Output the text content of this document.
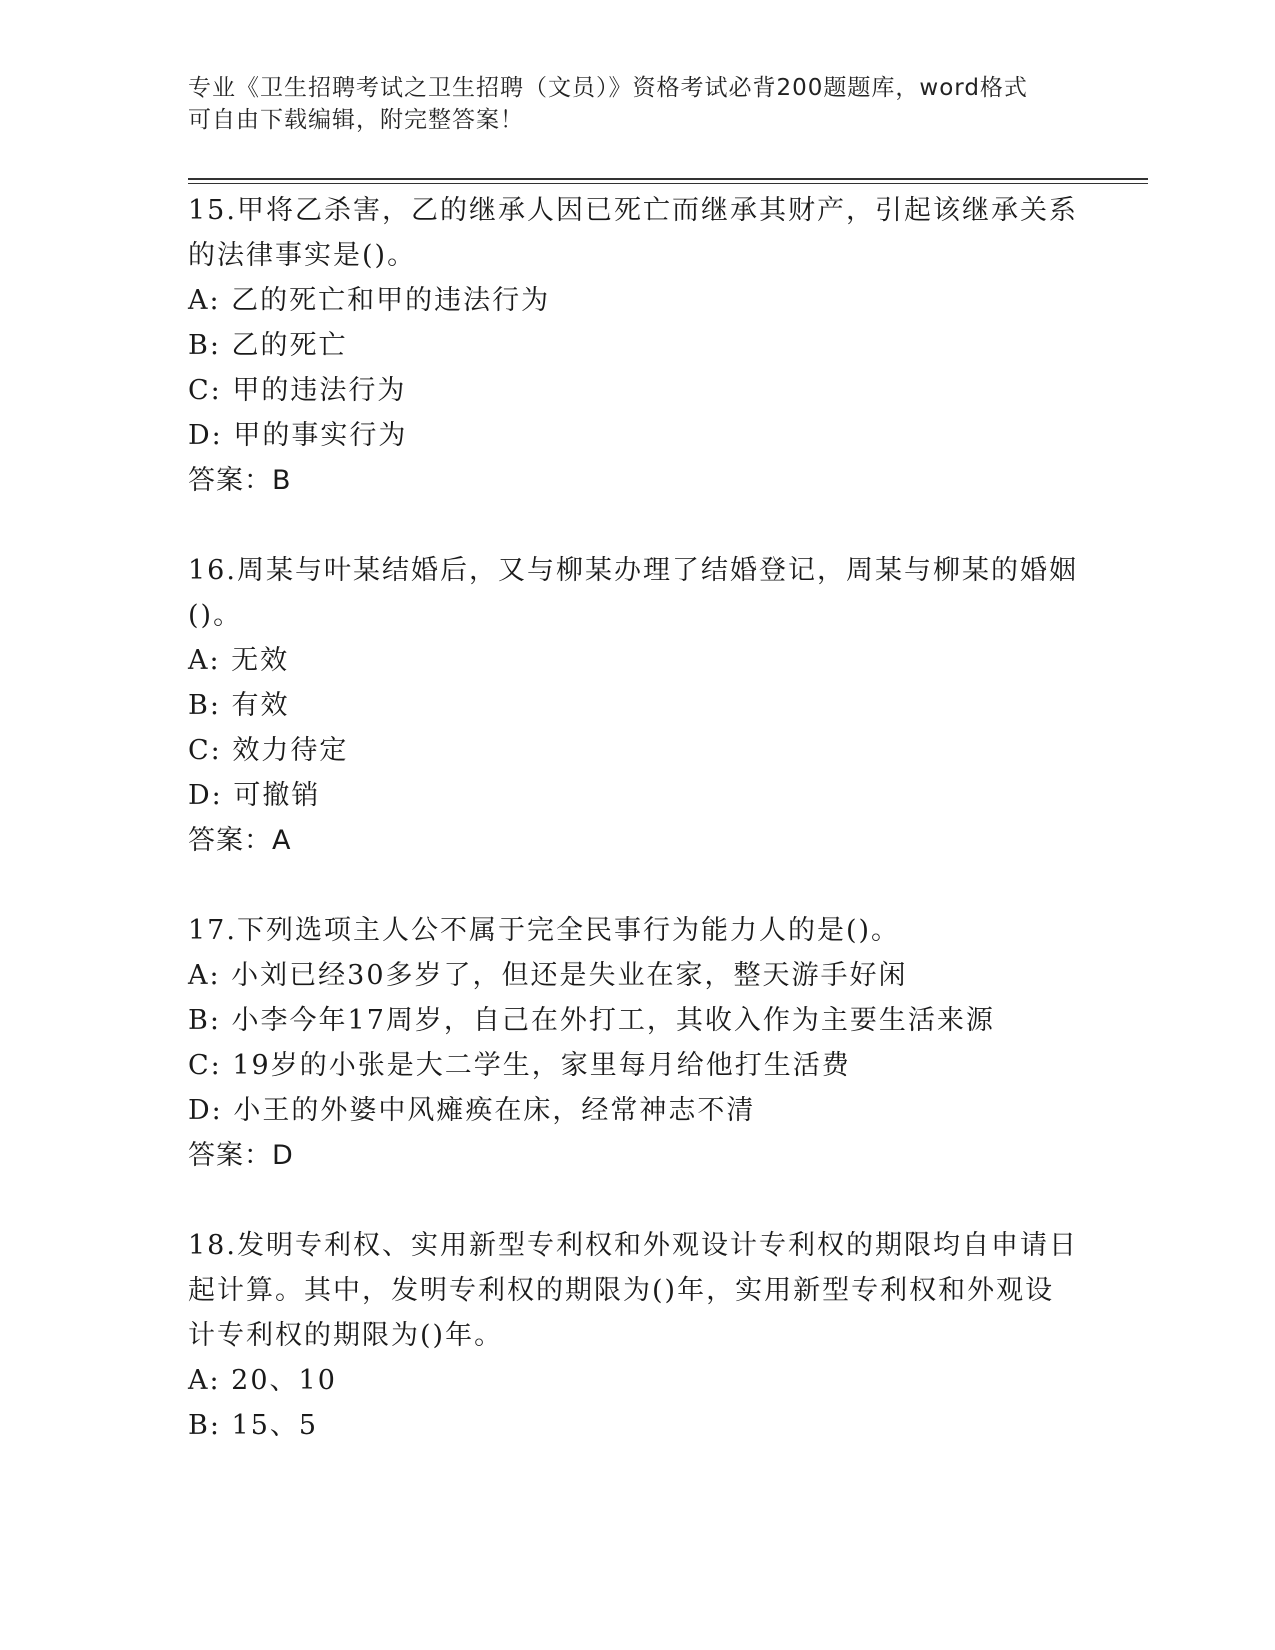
专业《卫生招聘考试之卫生招聘（文员）》资格考试必背200题题库，word格式
可自由下载编辑，附完整答案！

15.甲将乙杀害，乙的继承人因已死亡而继承其财产，引起该继承关系

的法律事实是()。

A: 乙的死亡和甲的违法行为

B: 乙的死亡

C: 甲的违法行为

D: 甲的事实行为

答案：B

16.周某与叶某结婚后，又与柳某办理了结婚登记，周某与柳某的婚姻

()。

A: 无效

B: 有效

C: 效力待定

D: 可撤销

答案：A

17.下列选项主人公不属于完全民事行为能力人的是()。

A: 小刘已经30多岁了，但还是失业在家，整天游手好闲

B: 小李今年17周岁，自己在外打工，其收入作为主要生活来源

C: 19岁的小张是大二学生，家里每月给他打生活费

D: 小王的外婆中风瘫痪在床，经常神志不清

答案：D

18.发明专利权、实用新型专利权和外观设计专利权的期限均自申请日

起计算。其中，发明专利权的期限为()年，实用新型专利权和外观设

计专利权的期限为()年。

A: 20、10

B: 15、5
